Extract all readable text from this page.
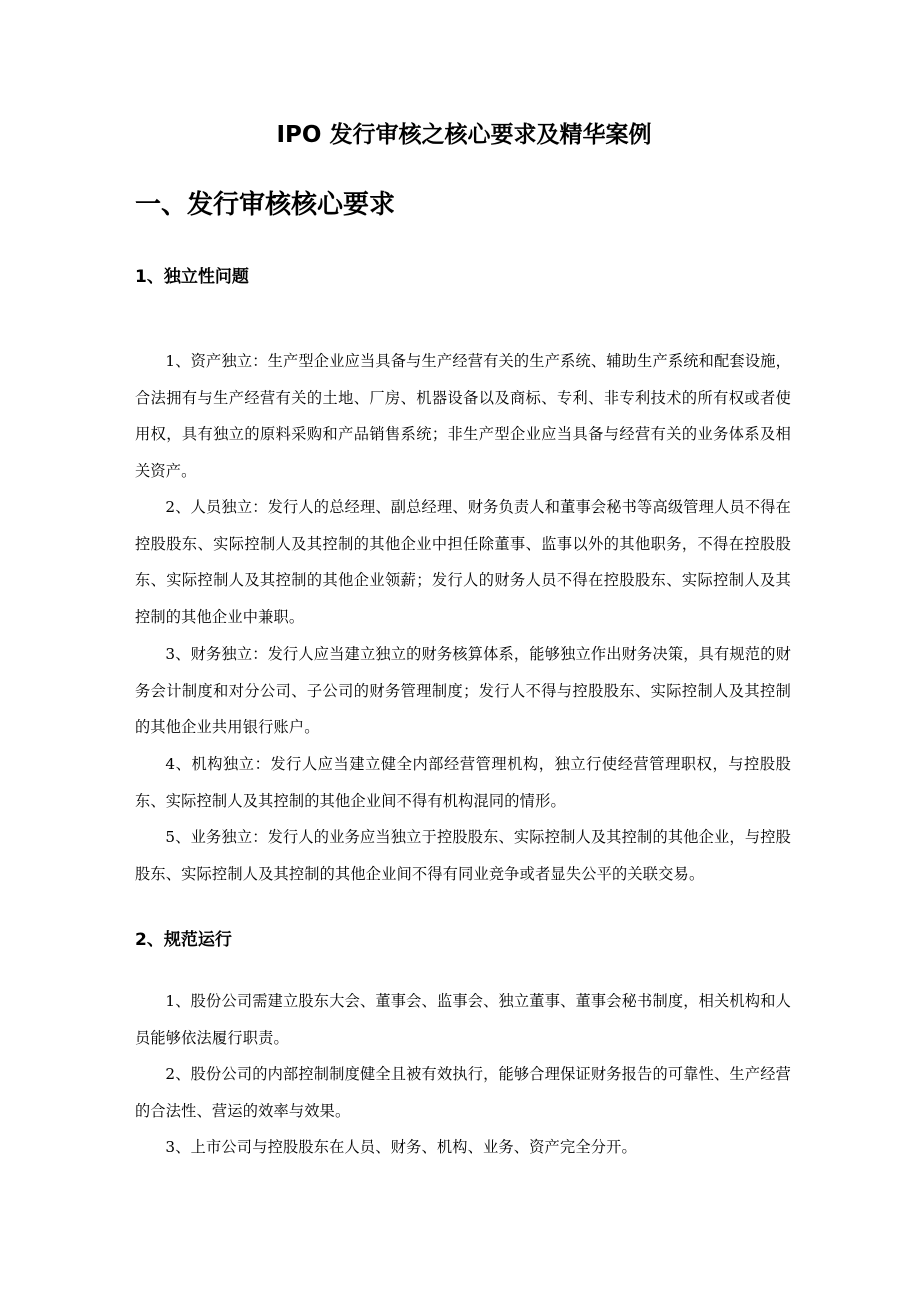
IPO 发行审核之核心要求及精华案例
一、发行审核核心要求
1、独立性问题

1、资产独立：生产型企业应当具备与生产经营有关的生产系统、辅助生产系统和配套设施，合法拥有与生产经营有关的土地、厂房、机器设备以及商标、专利、非专利技术的所有权或者使用权，具有独立的原料采购和产品销售系统；非生产型企业应当具备与经营有关的业务体系及相关资产。

2、人员独立：发行人的总经理、副总经理、财务负责人和董事会秘书等高级管理人员不得在控股股东、实际控制人及其控制的其他企业中担任除董事、监事以外的其他职务，不得在控股股东、实际控制人及其控制的其他企业领薪；发行人的财务人员不得在控股股东、实际控制人及其控制的其他企业中兼职。

3、财务独立：发行人应当建立独立的财务核算体系，能够独立作出财务决策，具有规范的财务会计制度和对分公司、子公司的财务管理制度；发行人不得与控股股东、实际控制人及其控制的其他企业共用银行账户。

4、机构独立：发行人应当建立健全内部经营管理机构，独立行使经营管理职权，与控股股东、实际控制人及其控制的其他企业间不得有机构混同的情形。

5、业务独立：发行人的业务应当独立于控股股东、实际控制人及其控制的其他企业，与控股股东、实际控制人及其控制的其他企业间不得有同业竞争或者显失公平的关联交易。

2、规范运行

1、股份公司需建立股东大会、董事会、监事会、独立董事、董事会秘书制度，相关机构和人员能够依法履行职责。

2、股份公司的内部控制制度健全且被有效执行，能够合理保证财务报告的可靠性、生产经营的合法性、营运的效率与效果。

3、上市公司与控股股东在人员、财务、机构、业务、资产完全分开。
